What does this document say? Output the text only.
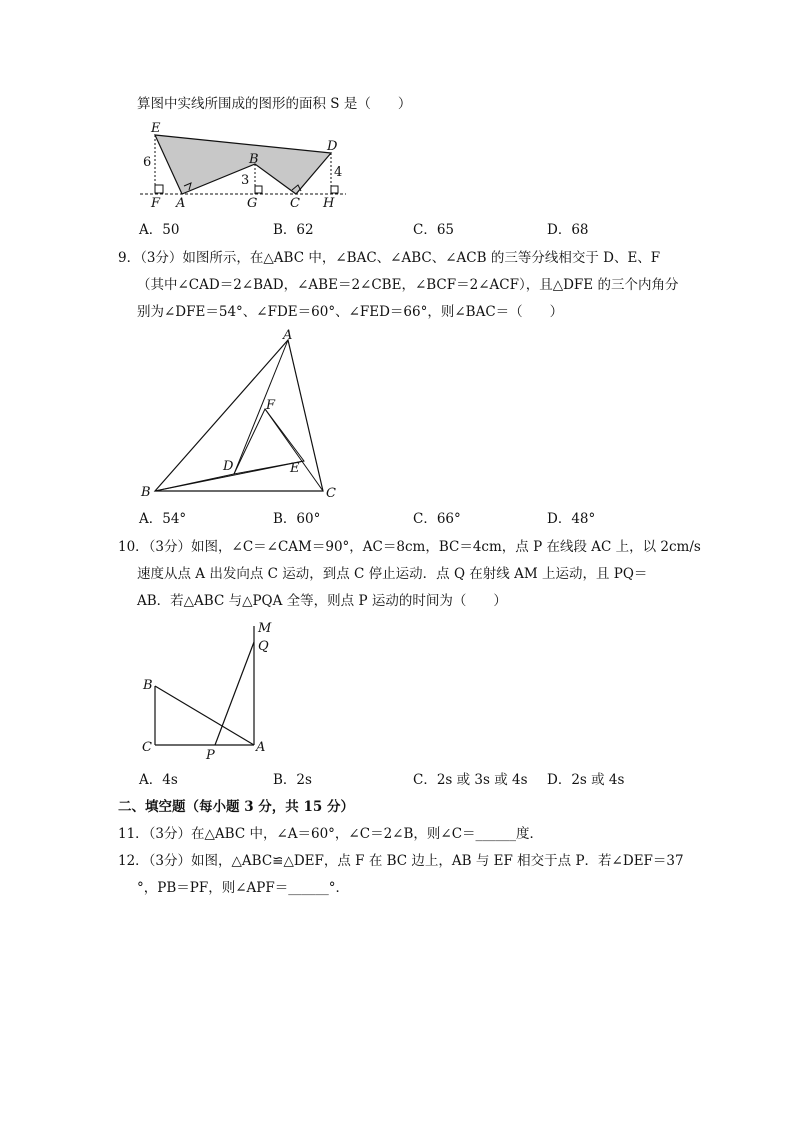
算图中实线所围成的图形的面积 S 是（　　）
E
D
B
F A	G	C H
6
3
4
A．50	B．62	C．65	D．68
9．（3分）如图所示，在△ABC 中，∠BAC、∠ABC、∠ACB 的三等分线相交于 D、E、F
（其中∠CAD＝2∠BAD，∠ABE＝2∠CBE，∠BCF＝2∠ACF），且△DFE 的三个内角分
别为∠DFE＝54°、∠FDE＝60°、∠FED＝66°，则∠BAC＝（　　）
A
B	C
D	E
F
A．54°	B．60°	C．66°	D．48°
10．（3分）如图，∠C＝∠CAM＝90°，AC＝8cm，BC＝4cm，点 P 在线段 AC 上，以 2cm/s
速度从点 A 出发向点 C 运动，到点 C 停止运动．点 Q 在射线 AM 上运动，且 PQ＝
AB．若△ABC 与△PQA 全等，则点 P 运动的时间为（　　）
M
Q
B
C
P
A
A．4s	B．2s	C．2s 或 3s 或 4s D．2s 或 4s
二、填空题（每小题 3 分，共 15 分）
11．（3分）在△ABC 中，∠A＝60°，∠C＝2∠B，则∠C＝______度．
12．（3分）如图，△ABC≌△DEF，点 F 在 BC 边上，AB 与 EF 相交于点 P．若∠DEF＝37
°，PB＝PF，则∠APF＝______°．
